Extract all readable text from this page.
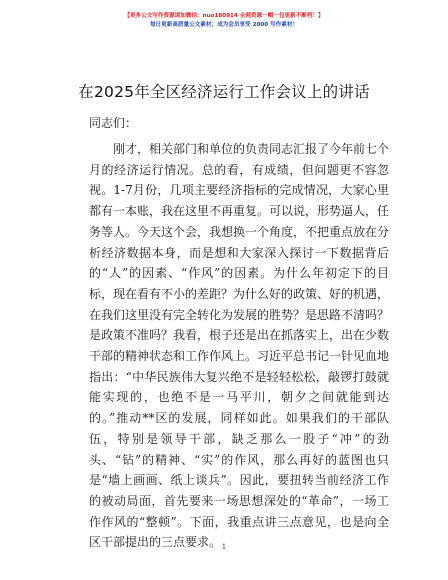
【更多公文写作资源请加微信：nuo180914 全网资源一帽一包更新不断档！】
每日更新高质量公文素材，成为会员享受 2000 写作素材！
在2025年全区经济运行工作会议上的讲话
同志们：

刚才，相关部门和单位的负责同志汇报了今年前七个月的经济运行情况。总的看，有成绩，但问题更不容忽视。1-7月份，几项主要经济指标的完成情况，大家心里都有一本账，我在这里不再重复。可以说，形势逼人，任务等人。今天这个会，我想换一个角度，不把重点放在分析经济数据本身，而是想和大家深入探讨一下数据背后的“人”的因素、“作风”的因素。为什么年初定下的目标，现在看有不小的差距？为什么好的政策、好的机遇，在我们这里没有完全转化为发展的胜势？是思路不清吗？是政策不准吗？我看，根子还是出在抓落实上，出在少数干部的精神状态和工作作风上。习近平总书记一针见血地指出：“中华民族伟大复兴绝不是轻轻松松，敲锣打鼓就能实现的，也绝不是一马平川，朝夕之间就能到达的。”推动**区的发展，同样如此。如果我们的干部队伍，特别是领导干部，缺乏那么一股子“冲”的劲头、“钻”的精神、“实”的作风，那么再好的蓝图也只是“墙上画画、纸上谈兵”。因此，要扭转当前经济工作的被动局面，首先要来一场思想深处的“革命”，一场工作作风的“整顿”。下面，我重点讲三点意见，也是向全区干部提出的三点要求。 1
